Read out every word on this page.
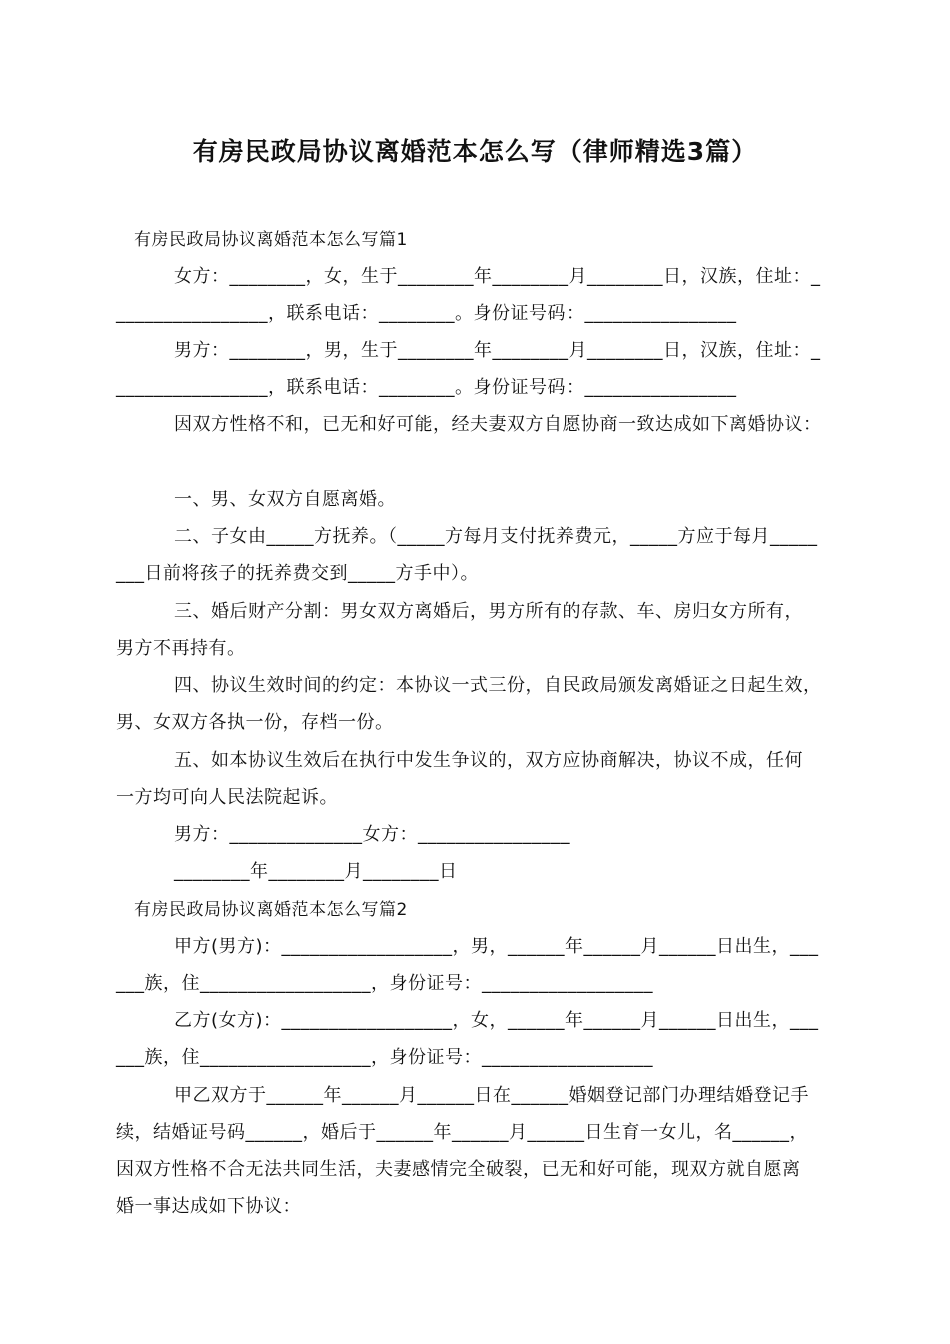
有房民政局协议离婚范本怎么写（律师精选3篇）
有房民政局协议离婚范本怎么写篇1
女方：________，女，生于________年________月________日，汉族，住址：_
________________，联系电话：________。身份证号码：________________
男方：________，男，生于________年________月________日，汉族，住址：_
________________，联系电话：________。身份证号码：________________
因双方性格不和，已无和好可能，经夫妻双方自愿协商一致达成如下离婚协议：
一、男、女双方自愿离婚。
二、子女由_____方抚养。（_____方每月支付抚养费元，_____方应于每月_____
___日前将孩子的抚养费交到_____方手中）。
三、婚后财产分割：男女双方离婚后，男方所有的存款、车、房归女方所有，
男方不再持有。
四、协议生效时间的约定：本协议一式三份，自民政局颁发离婚证之日起生效，
男、女双方各执一份，存档一份。
五、如本协议生效后在执行中发生争议的，双方应协商解决，协议不成，任何
一方均可向人民法院起诉。
男方：______________女方：________________
________年________月________日
有房民政局协议离婚范本怎么写篇2
甲方(男方)：__________________，男，______年______月______日出生，___
___族，住__________________，身份证号：__________________
乙方(女方)：__________________，女，______年______月______日出生，___
___族，住__________________，身份证号：__________________
甲乙双方于______年______月______日在______婚姻登记部门办理结婚登记手
续，结婚证号码______，婚后于______年______月______日生育一女儿，名______，
因双方性格不合无法共同生活，夫妻感情完全破裂，已无和好可能，现双方就自愿离
婚一事达成如下协议：
